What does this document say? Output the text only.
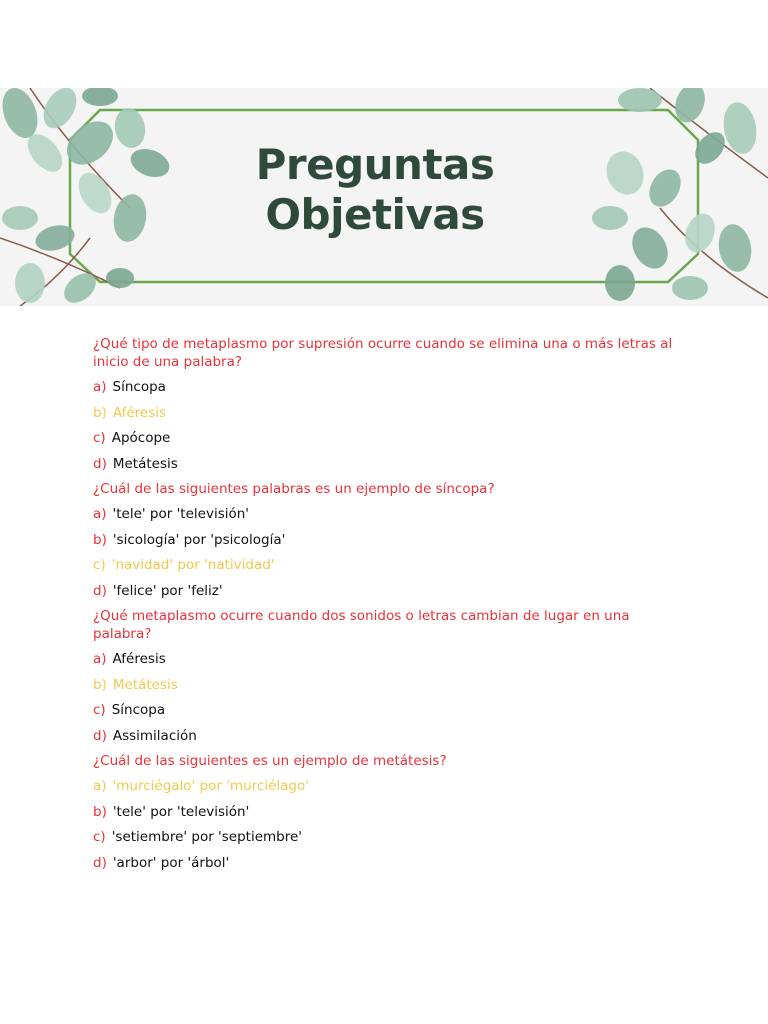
Preguntas
Objetivas
¿Qué tipo de metaplasmo por supresión ocurre cuando se elimina una o más letras al inicio de una palabra?
a) Síncopa
b) Aféresis
c) Apócope
d) Metátesis
¿Cuál de las siguientes palabras es un ejemplo de síncopa?
a) 'tele' por 'televisión'
b) 'sicología' por 'psicología'
c) 'navidad' por 'natividad'
d) 'felice' por 'feliz'
¿Qué metaplasmo ocurre cuando dos sonidos o letras cambian de lugar en una palabra?
a) Aféresis
b) Metátesis
c) Síncopa
d) Assimilación
¿Cuál de las siguientes es un ejemplo de metátesis?
a) 'murciégalo' por 'murciélago'
b) 'tele' por 'televisión'
c) 'setiembre' por 'septiembre'
d) 'arbor' por 'árbol'
